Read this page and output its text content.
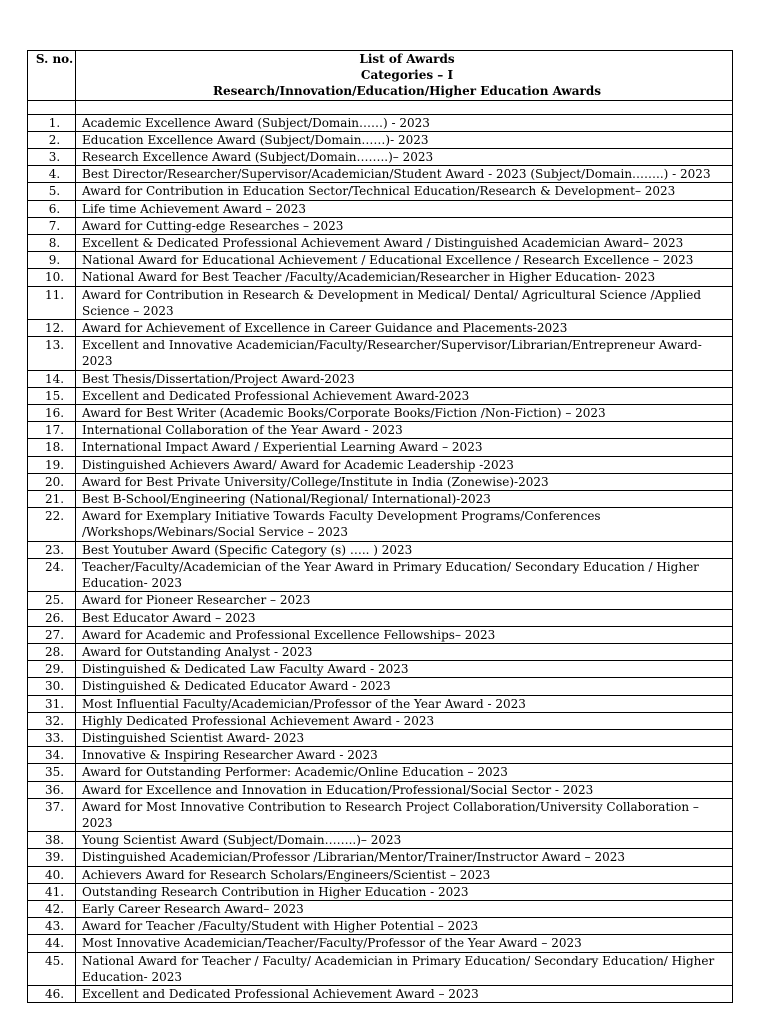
S. no.	List of Awards
Categories – I
Research/Innovation/Education/Higher Education Awards

1.	Academic Excellence Award (Subject/Domain……) - 2023
2.	Education Excellence Award (Subject/Domain……)- 2023
3.	Research Excellence Award (Subject/Domain……..)– 2023
4.	Best Director/Researcher/Supervisor/Academician/Student Award - 2023 (Subject/Domain……..) - 2023
5.	Award for Contribution in Education Sector/Technical Education/Research & Development– 2023
6.	Life time Achievement Award – 2023
7.	Award for Cutting-edge Researches – 2023
8.	Excellent & Dedicated Professional Achievement Award / Distinguished Academician Award– 2023
9.	National Award for Educational Achievement / Educational Excellence / Research Excellence – 2023
10.	National Award for Best Teacher /Faculty/Academician/Researcher in Higher Education- 2023
11.	Award for Contribution in Research & Development in Medical/ Dental/ Agricultural Science /Applied Science – 2023
12.	Award for Achievement of Excellence in Career Guidance and Placements-2023
13.	Excellent and Innovative Academician/Faculty/Researcher/Supervisor/Librarian/Entrepreneur Award- 2023
14.	Best Thesis/Dissertation/Project Award-2023
15.	Excellent and Dedicated Professional Achievement Award-2023
16.	Award for Best Writer (Academic Books/Corporate Books/Fiction /Non-Fiction) – 2023
17.	International Collaboration of the Year Award - 2023
18.	International Impact Award / Experiential Learning Award – 2023
19.	Distinguished Achievers Award/ Award for Academic Leadership -2023
20.	Award for Best Private University/College/Institute in India (Zonewise)-2023
21.	Best B-School/Engineering (National/Regional/ International)-2023
22.	Award for Exemplary Initiative Towards Faculty Development Programs/Conferences /Workshops/Webinars/Social Service – 2023
23.	Best Youtuber Award (Specific Category (s) ….. ) 2023
24.	Teacher/Faculty/Academician of the Year Award in Primary Education/ Secondary Education / Higher Education- 2023
25.	Award for Pioneer Researcher – 2023
26.	Best Educator Award – 2023
27.	Award for Academic and Professional Excellence Fellowships– 2023
28.	Award for Outstanding Analyst - 2023
29.	Distinguished & Dedicated Law Faculty Award - 2023
30.	Distinguished & Dedicated Educator Award - 2023
31.	Most Influential Faculty/Academician/Professor of the Year Award - 2023
32.	Highly Dedicated Professional Achievement Award - 2023
33.	Distinguished Scientist Award- 2023
34.	Innovative & Inspiring Researcher Award - 2023
35.	Award for Outstanding Performer: Academic/Online Education – 2023
36.	Award for Excellence and Innovation in Education/Professional/Social Sector - 2023
37.	Award for Most Innovative Contribution to Research Project Collaboration/University Collaboration – 2023
38.	Young Scientist Award (Subject/Domain……..)– 2023
39.	Distinguished Academician/Professor /Librarian/Mentor/Trainer/Instructor Award – 2023
40.	Achievers Award for Research Scholars/Engineers/Scientist – 2023
41.	Outstanding Research Contribution in Higher Education - 2023
42.	Early Career Research Award– 2023
43.	Award for Teacher /Faculty/Student with Higher Potential – 2023
44.	Most Innovative Academician/Teacher/Faculty/Professor of the Year Award – 2023
45.	National Award for Teacher / Faculty/ Academician in Primary Education/ Secondary Education/ Higher Education- 2023
46.	Excellent and Dedicated Professional Achievement Award – 2023
